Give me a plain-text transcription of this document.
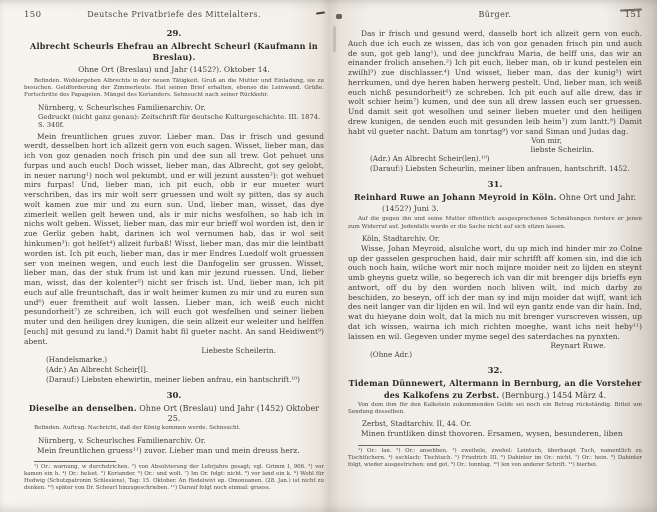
150	Deutsche Privatbriefe des Mittelalters.

29.

Albrecht Scheurls Ehefrau an Albrecht Scheurl (Kaufmann in Breslau).

Ohne Ort (Breslau) und Jahr (1452?). Oktober 14.

Befinden. Wohlergehen Albrechts in der neuen Tätigkeit. Gruß an die Mutter und Einladung, sie zu besuchen. Geldforderung der Zimmerleute. Hat seinen Brief erhalten, ebenso die Leinwand. Grüße. Fortschritte des Papageien. Mängel des Korianders. Sehnsucht nach seiner Rückkehr.

Nürnberg, v. Scheurlsches Familienarchiv. Or.

Gedruckt (nicht ganz genau): Zeitschrift für deutsche Kulturgeschichte. III. 1874. S. 340f.

Mein freuntlichen grues zuvor. Lieber man. Das ir frisch und gesund werdt, desselben hort ich allzeit gern von euch sagen. Wisset, lieber man, das ich von goz genaden noch frisch pin und dee sun all trew. Got pehuet uns furpas und auch euch! Doch wisset, lieber man, das Albrecht, got sey gelobt, in neuer narung¹) noch wol pekumbt, und er will jezunt aussten²): got wehuet mirs furpas! Und, lieber man, ich pit euch, obb ir eur mueter wurt verschriben, das irs mir wolt serr gruessen und wolt sy pitten, das sy auch wolt kamen zue mir und zu eurn sun. Und, lieber man, wisset, das dye zimerleit wellen gelt hewen und, als ir mir nichs wesfolhen, so hab ich in nichs wolt geben. Wisset, lieber man, das mir eur brieff wol worden ist, den ir zue Gerliz geben habt, darinen ich wol vernumen hab, das ir wol seit hinkumen³): got helfet⁴) allzeit furbaß! Wisst, lieber man, das mir die leintbatt worden ist. Ich pit euch, lieber man, das ir mer Endres Luedolf wolt gruessen ser von meinen wegen, und euch lest die Danfogelin ser grussen. Wisset, lieber man, das der stuk frum ist und kan mir jezund ruessen. Und, lieber man, wisst, das der kolenter⁵) nicht ser frisch ist. Und, lieber man, ich pit euch auf alle freuntschaft, das ir wolt heimer kumen zu mir und zu euren sun und⁶) euer fremtheit auf wolt lassen. Lieber man, ich weiß euch nicht pesundorheit⁷) ze schreiben, ich will euch got wesfelhen und seiner lieben muter und den heiligen drey kunigen, die sein allzeit eur weleiter und helffen [euch] mit gesund zu land.⁸) Damit habt fil gueter nacht. An sand Heidiwent⁹) abent.

Liebeste Scheilerin.

(Handelsmarke.)

(Adr.) An Albrecht Scheir[l].

(Darauf:) Liebsten ehewirtin, meiner lieben anfrau, ein hantschrift.¹⁰)

30.

Dieselbe an denselben. Ohne Ort (Breslau) und Jahr (1452) Oktober 25.

Befinden. Auftrag. Nachricht, daß der König kommen werde. Sehnsucht.

Nürnberg, v. Scheurlsches Familienarchiv. Or.

Mein freuntlichen gruess¹¹) zuvor. Lieber man und mein dreuss herz.

¹) Or.: warnung, w durchstrichen. ²) von Absolvierung der Lehrjahre gesagt; vgl. Grimm I, 906. ³) vor kamen ein h. ⁴) Or.: helset. ⁵) Koriander. ⁶) Or.: und wolt. ⁷) Im Or. folgt: nicht. ⁸) vor land ein k. ⁹) Wohl für Hedwig (Schutzpatronin Schlesiens), Tag: 15. Oktober. An Hedelwivi ep. Omonuanen. (28. Jan.) ist nicht zu denken. ¹⁰) später von Dr. Scheurl hinzugeschrieben. ¹¹) Darauf folgt noch einmal: gruess.

Bürger.	151

Das ir frisch und gesund werd, dasselb hort ich allzeit gern von euch. Auch due ich euch ze wissen, das ich von goz genaden frisch pin und auch de sun, got geb lang¹), und dee junckfrau Maria, de helff uns, das wir an einander frolich ansehen.²) Ich pit euch, lieber man, ob ir kund pestelen ein zwilhl³) zue dischlasser.⁴) Und wisset, lieber man, das der kunig⁵) wirt herrkumen, und dye heren haben herwerg pestelt. Und, lieber man, ich weiß euch nichß pesundorheit⁶) ze schreben. Ich pit euch auf alle drew, das ir wolt schier heim⁷) kumen, und dee sun all drew lassen euch ser gruessen. Und damit seit got wesolhen und seiner lieben mueter und den heiligen drew kunigen, de senden euch mit gesunden leib heim⁷) zum lantt.⁸) Damit habt vil gueter nacht. Datum am tonrtag⁹) vor sand Siman und Judas dag.

Von mir,

liebste Scheirlin.

(Adr.) An Albrecht Scheir(len).¹⁰)

(Darauf:) Liebsten Scheurlin, meiner liben anfrauen, hantschrift. 1452.

31.

Reinhard Ruwe an Johann Meyroid in Köln. Ohne Ort und Jahr.

(1452?) Juni 3.

Auf die gegen ihn und seine Mutter öffentlich ausgesprochenen Schmähungen fordere er jenen zum Widerruf auf. Jedenfalls werde er die Sache nicht auf sich sitzen lassen.

Köln, Stadtarchiv. Or.

Wisse, Johan Meyroid, alsulche wort, du up mich ind hinder mir zo Colne up der gasselen gesprochen haid, dair mir schrifft aff komen sin, ind die ich ouch noch hain, wilche wort mir noch mijnre moider neit zo lijden en steynt umb gheyns guetz wille, so begerech ich van dir mit brenger dijs brieffs eyn antwort, off du by den worden noch bliven wilt, ind mich darby zo beschiden, zo beseyn, off ich der man sy ind mijn moider dat wijff, want ich des neit langer van dir lijden en wil. Ind wil eyn gantz ende van dir hain. Ind, wat du hieyane doin wolt, dat la mich nu mit brenger vurscreven wissen, up dat ich wissen, wairna ich mich richten moeghe, want ichs neit heby¹¹) laissen en wil. Gegeven under myme segel des saterdaches na pynxten.

Reynart Ruwe.

(Ohne Adr.)

32.

Tideman Dünnewert, Altermann in Bernburg, an die Vorsteher des Kalkofens zu Zerbst. (Bernburg.) 1454 März 4.

Von dem ihm für den Kalkstein zukommenden Gelde sei noch ein Betrag rückständig. Bittet um Sendung desselben.

Zerbst, Stadtarchiv. II, 44. Or.

Minen fruntliken dinst thovoren. Ersamen, wysen, besunderen, liben

¹) Or.: lan. ²) Or.: ansehhen. ³) zweihele, zwehel: Leintuch, überhaupt Tuch, namentlich zu Tischtüchern. ⁴) eschlach: Tischtuch. ⁵) Friedrich III. ⁶) Dahinter im Or.: nicht. ⁷) Or.: hein. ⁸) Dahinter folgt, wieder ausgestrichen: und got. ⁹) Or.: tonntag. ¹⁰) len von anderer Schrift. ¹¹) hierbei.
